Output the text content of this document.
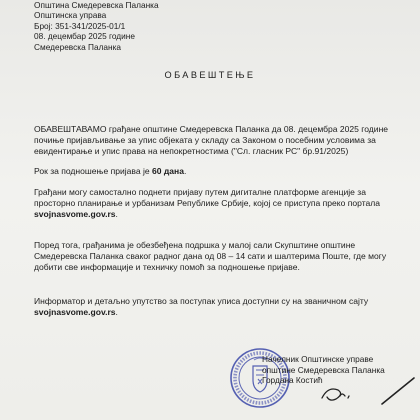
Општина Смедеревска Паланка
Општинска управа
Број: 351-341/2025-01/1
08. децембар 2025 године
Смедеревска Паланка
ОБАВЕШТЕЊЕ
ОБАВЕШТАВАМО грађане општине Смедеревска Паланка да 08. децембра 2025 године
почиње пријављивање за упис објеката у складу са Законом о посебним условима за
евидентирање и упис права на непокретностима ("Сл. гласник РС" бр.91/2025)
Рок за подношење пријава је 60 дана.
Грађани могу самостално поднети пријаву путем дигиталне платформе агенције за
просторно планирање и урбанизам Републике Србије, којој се приступа преко портала
svojnasvome.gov.rs.
Поред тога, грађанима је обезбеђена подршка у малој сали Скупштине општине
Смедеревска Паланка сваког радног дана од 08 – 14 сати и шалтерима Поште, где могу
добити све информације и техничку помоћ за подношење пријаве.
Информатор и детаљно упутство за поступак уписа доступни су на званичном сајту
svojnasvome.gov.rs.
Начелник Општинске управе
општине Смедеревска Паланка
Гордана Костић
